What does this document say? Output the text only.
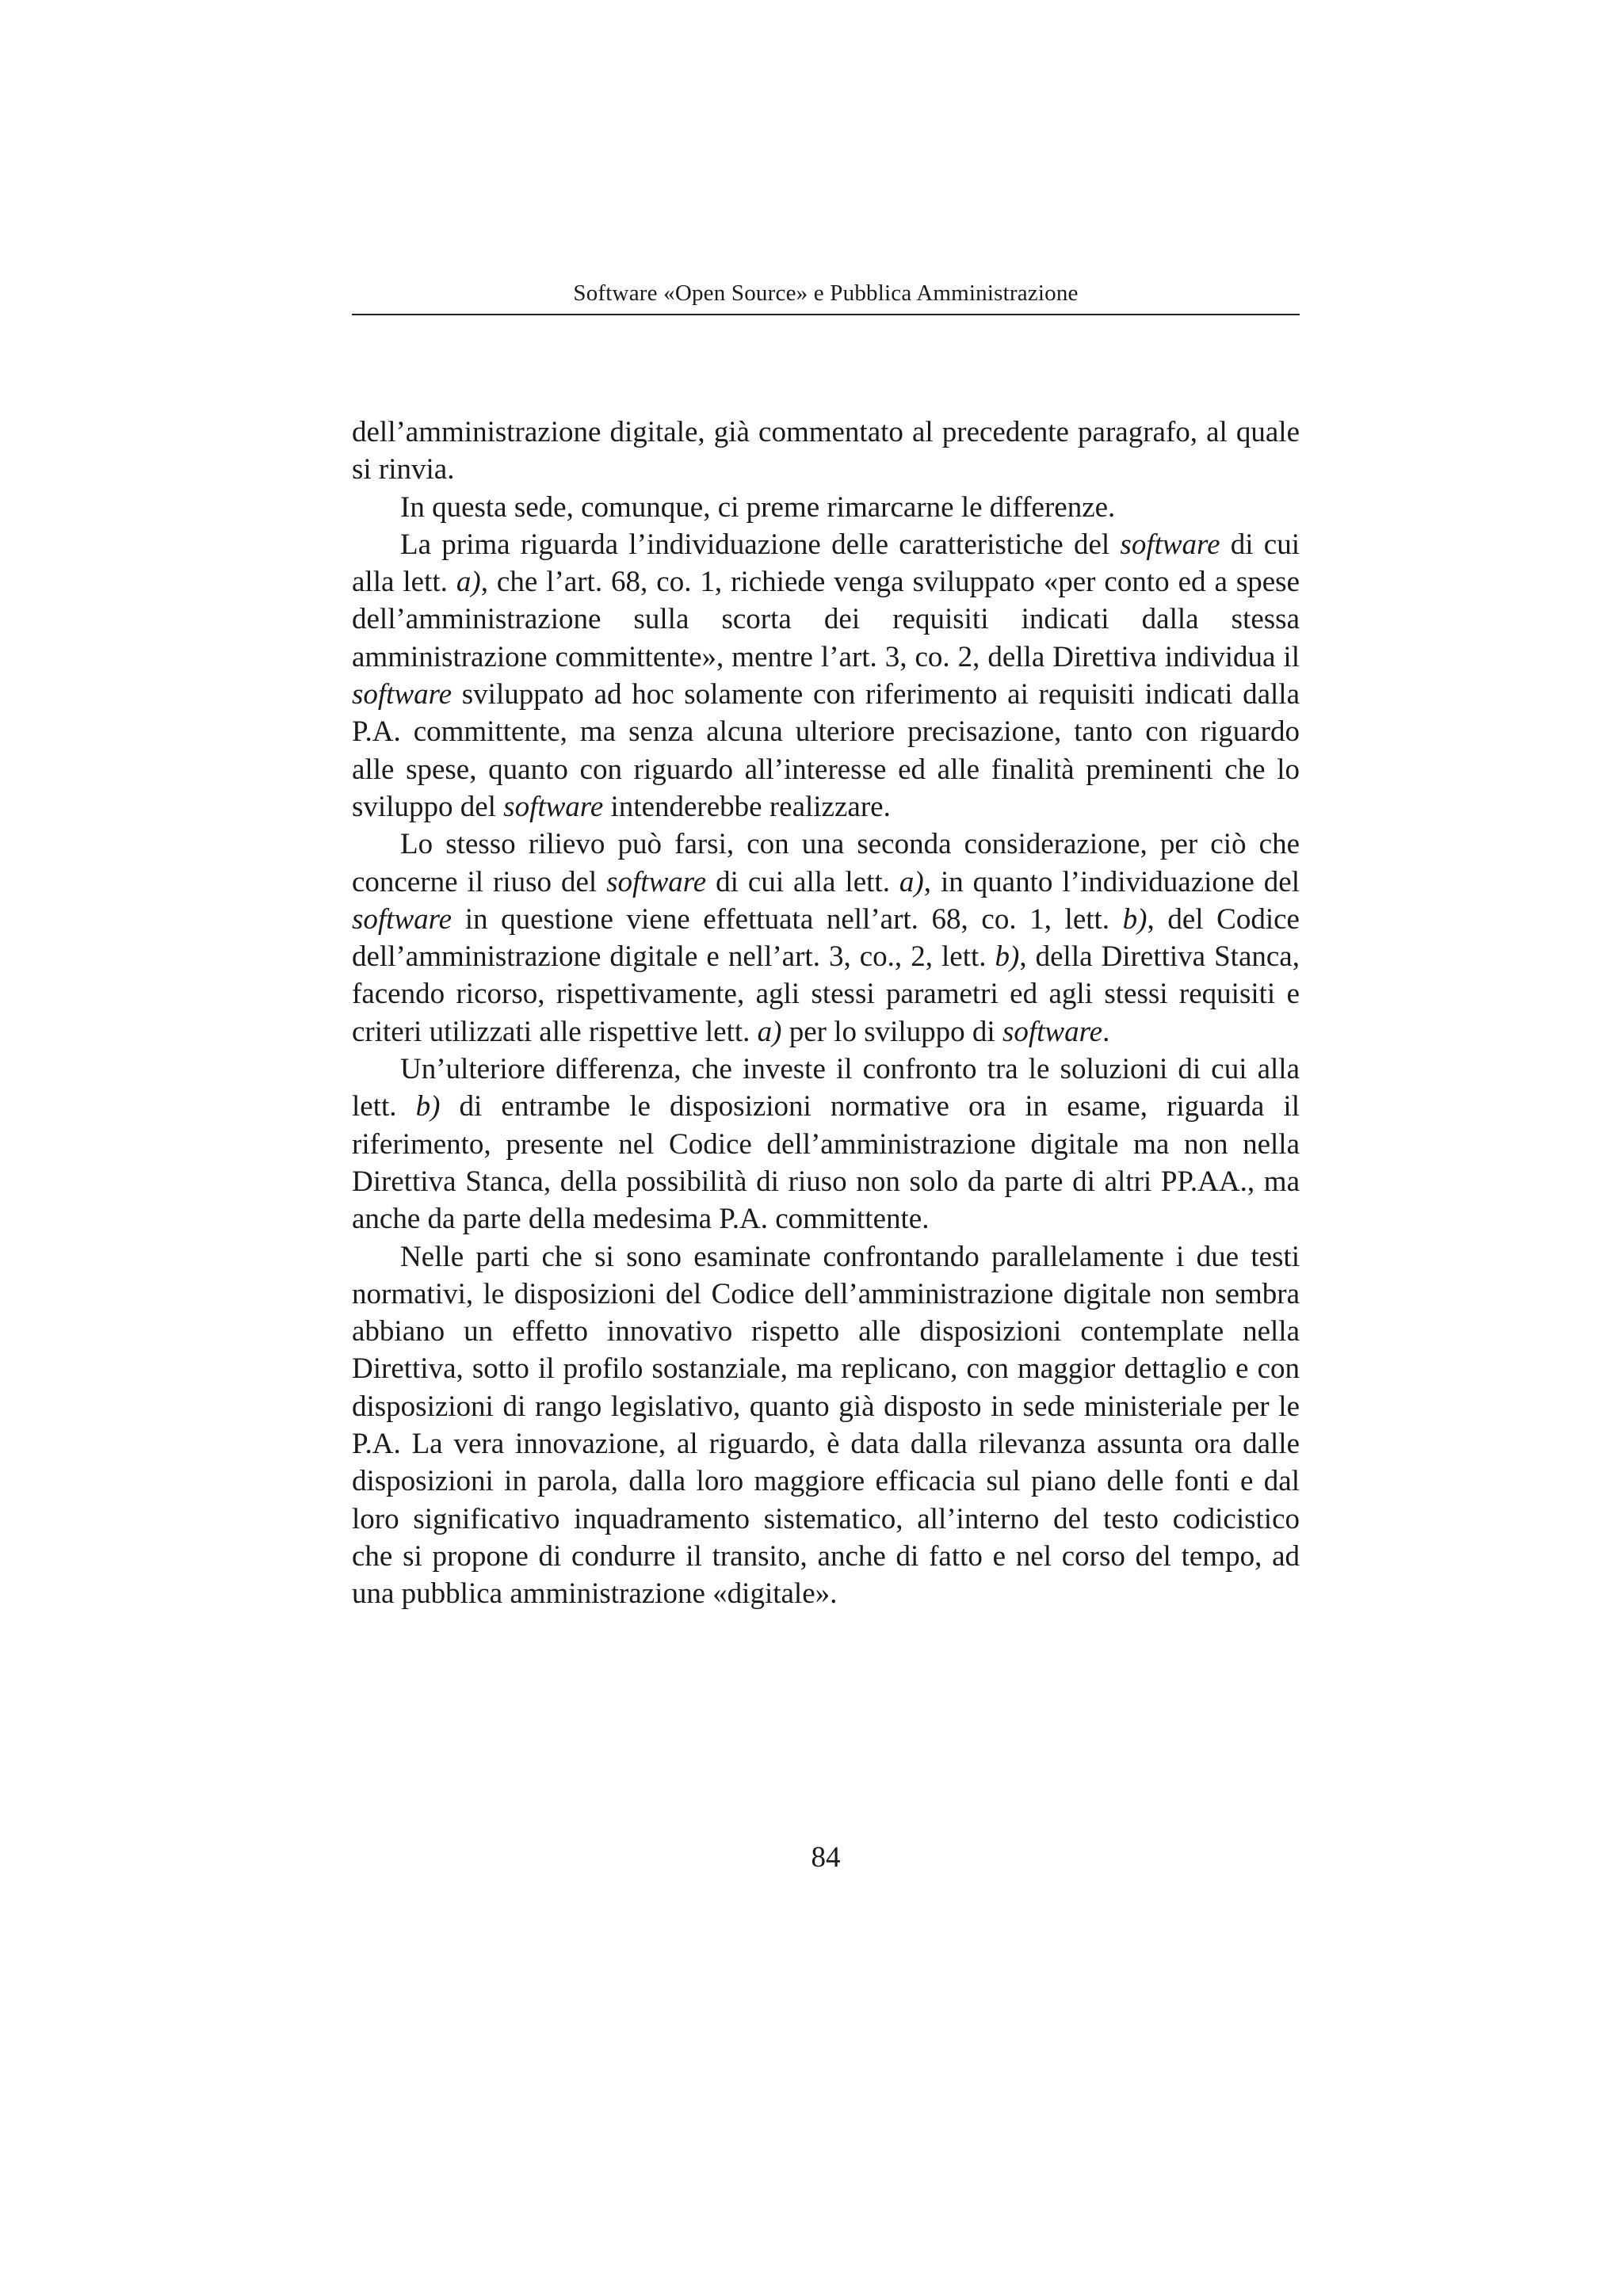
Software «Open Source» e Pubblica Amministrazione

dell’amministrazione digitale, già commentato al precedente paragrafo, al quale si rinvia.

In questa sede, comunque, ci preme rimarcarne le differenze.

La prima riguarda l’individuazione delle caratteristiche del software di cui alla lett. a), che l’art. 68, co. 1, richiede venga sviluppato «per conto ed a spese dell’amministrazione sulla scorta dei requisiti indicati dalla stessa amministrazione committente», mentre l’art. 3, co. 2, della Direttiva individua il software sviluppato ad hoc solamente con riferimento ai requisiti indicati dalla P.A. committente, ma senza alcuna ulteriore precisazione, tanto con riguardo alle spese, quanto con riguardo all’interesse ed alle finalità preminenti che lo sviluppo del software intenderebbe realizzare.

Lo stesso rilievo può farsi, con una seconda considerazione, per ciò che concerne il riuso del software di cui alla lett. a), in quanto l’individuazione del software in questione viene effettuata nell’art. 68, co. 1, lett. b), del Codice dell’amministrazione digitale e nell’art. 3, co., 2, lett. b), della Direttiva Stanca, facendo ricorso, rispettivamente, agli stessi parametri ed agli stessi requisiti e criteri utilizzati alle rispettive lett. a) per lo sviluppo di software.

Un’ulteriore differenza, che investe il confronto tra le soluzioni di cui alla lett. b) di entrambe le disposizioni normative ora in esame, riguarda il riferimento, presente nel Codice dell’amministrazione digitale ma non nella Direttiva Stanca, della possibilità di riuso non solo da parte di altri PP.AA., ma anche da parte della medesima P.A. committente.

Nelle parti che si sono esaminate confrontando parallelamente i due testi normativi, le disposizioni del Codice dell’amministrazione digitale non sembra abbiano un effetto innovativo rispetto alle disposizioni contemplate nella Direttiva, sotto il profilo sostanziale, ma replicano, con maggior dettaglio e con disposizioni di rango legislativo, quanto già disposto in sede ministeriale per le P.A. La vera innovazione, al riguardo, è data dalla rilevanza assunta ora dalle disposizioni in parola, dalla loro maggiore efficacia sul piano delle fonti e dal loro significativo inquadramento sistematico, all’interno del testo codicistico che si propone di condurre il transito, anche di fatto e nel corso del tempo, ad una pubblica amministrazione «digitale».

84
